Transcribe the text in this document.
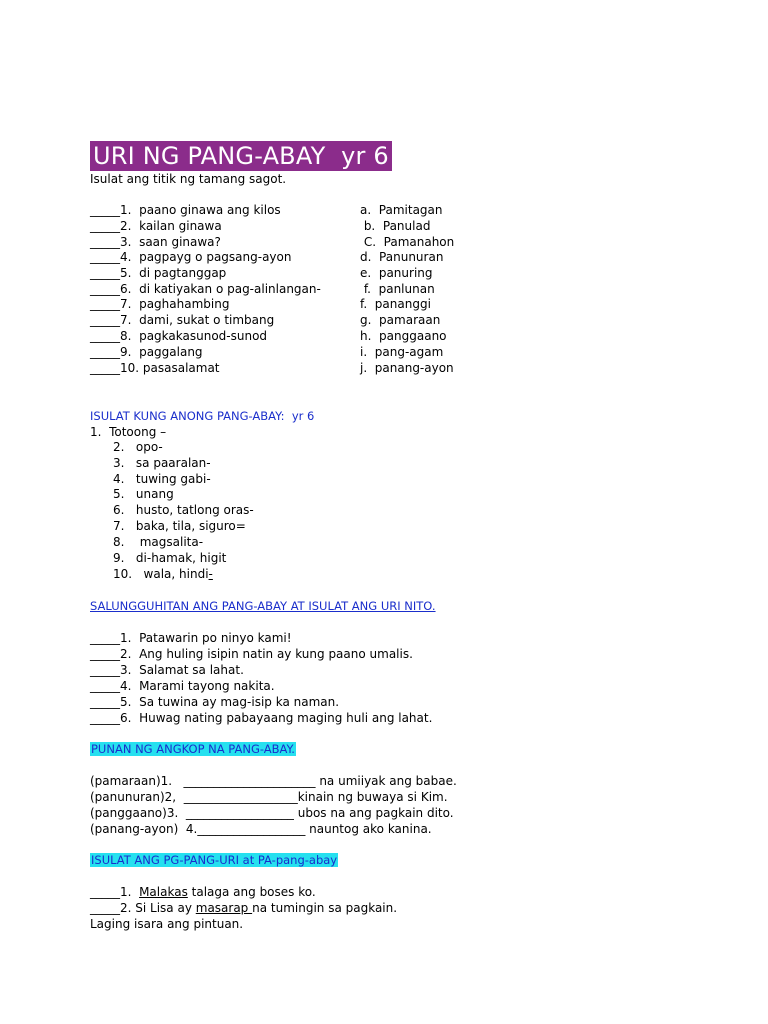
URI NG PANG-ABAY  yr 6
Isulat ang titik ng tamang sagot.
_____1.  paano ginawa ang kilos
_____2.  kailan ginawa
_____3.  saan ginawa?
_____4.  pagpayg o pagsang-ayon
_____5.  di pagtanggap
_____6.  di katiyakan o pag-alinlangan-
_____7.  paghahambing
_____7.  dami, sukat o timbang
_____8.  pagkakasunod-sunod
_____9.  paggalang
_____10. pasasalamat
a.  Pamitagan
b.  Panulad
C.  Pamanahon
d.  Panunuran
e.  panuring
f.  panlunan
f.  pananggi
g.  pamaraan
h.  panggaano
i.  pang-agam
j.  panang-ayon
ISULAT KUNG ANONG PANG-ABAY:  yr 6
1.  Totoong –
2. opo-
3. sa paaralan-
4. tuwing gabi-
5. unang
6. husto, tatlong oras-
7. baka, tila, siguro=
8.    magsalita-
9. di-hamak, higit
10. wala, hindi-

SALUNGGUHITAN ANG PANG-ABAY AT ISULAT ANG URI NITO.
_____1.  Patawarin po ninyo kami!
_____2.  Ang huling isipin natin ay kung paano umalis.
_____3.  Salamat sa lahat.
_____4.  Marami tayong nakita.
_____5.  Sa tuwina ay mag-isip ka naman.
_____6.  Huwag nating pabayaang maging huli ang lahat.
PUNAN NG ANGKOP NA PANG-ABAY.
(pamaraan)1.   ______________________ na umiiyak ang babae.
(panunuran)2,  ___________________kinain ng buwaya si Kim.
(panggaano)3.  __________________ ubos na ang pagkain dito.
(panang-ayon)  4.__________________ nauntog ako kanina.
ISULAT ANG PG-PANG-URI at PA-pang-abay
_____1.  Malakas talaga ang boses ko.
_____2. Si Lisa ay masarap na tumingin sa pagkain.
Laging isara ang pintuan.
